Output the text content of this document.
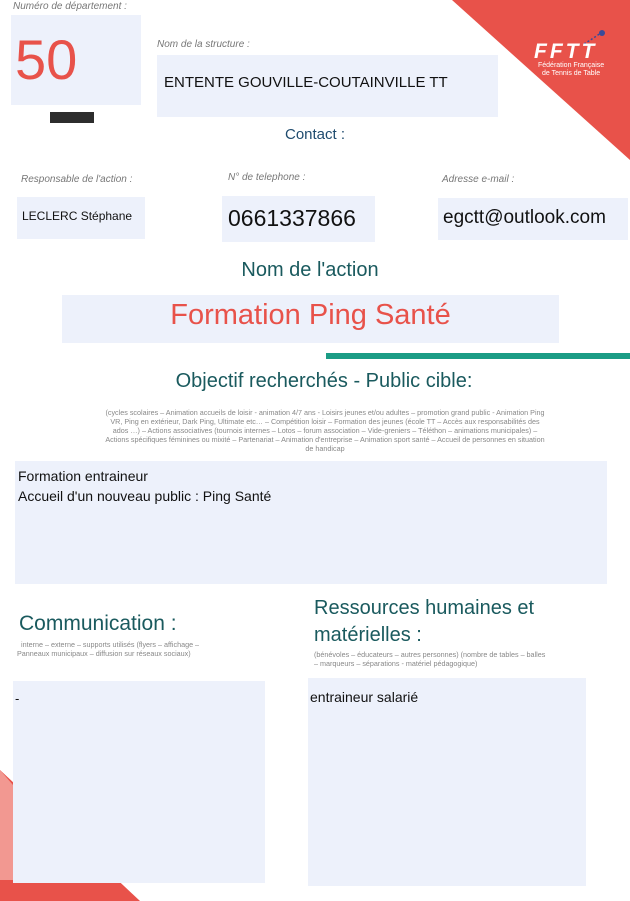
FFTT
Fédération Française
de Tennis de Table
Numéro de département :
50	Nom de la structure :
ENTENTE GOUVILLE-COUTAINVILLE TT
Contact :
Responsable de l'action :
LECLERC Stéphane
N° de telephone :
0661337866
Adresse e-mail :
egctt@outlook.com
Nom de l'action
Formation Ping Santé
Objectif recherchés - Public cible:
(cycles scolaires – Animation accueils de loisir - animation 4/7 ans - Loisirs jeunes et/ou adultes – promotion grand public - Animation Ping
VR, Ping en extérieur, Dark Ping, Ultimate etc… – Compétition loisir – Formation des jeunes (école TT – Accès aux responsabilités des
ados …) – Actions associatives (tournois internes – Lotos – forum association – Vide-greniers – Téléthon – animations municipales) –
Actions spécifiques féminines ou mixité – Partenariat – Animation d'entreprise – Animation sport santé – Accueil de personnes en situation
de handicap
Formation entraineur
Accueil d'un nouveau public : Ping Santé
Communication :
interne – externe – supports utilisés (flyers – affichage –
Panneaux municipaux – diffusion sur réseaux sociaux)
-
Ressources humaines et
matérielles :
(bénévoles – éducateurs – autres personnes) (nombre de tables – balles
– marqueurs – séparations - matériel pédagogique)
entraineur salarié
